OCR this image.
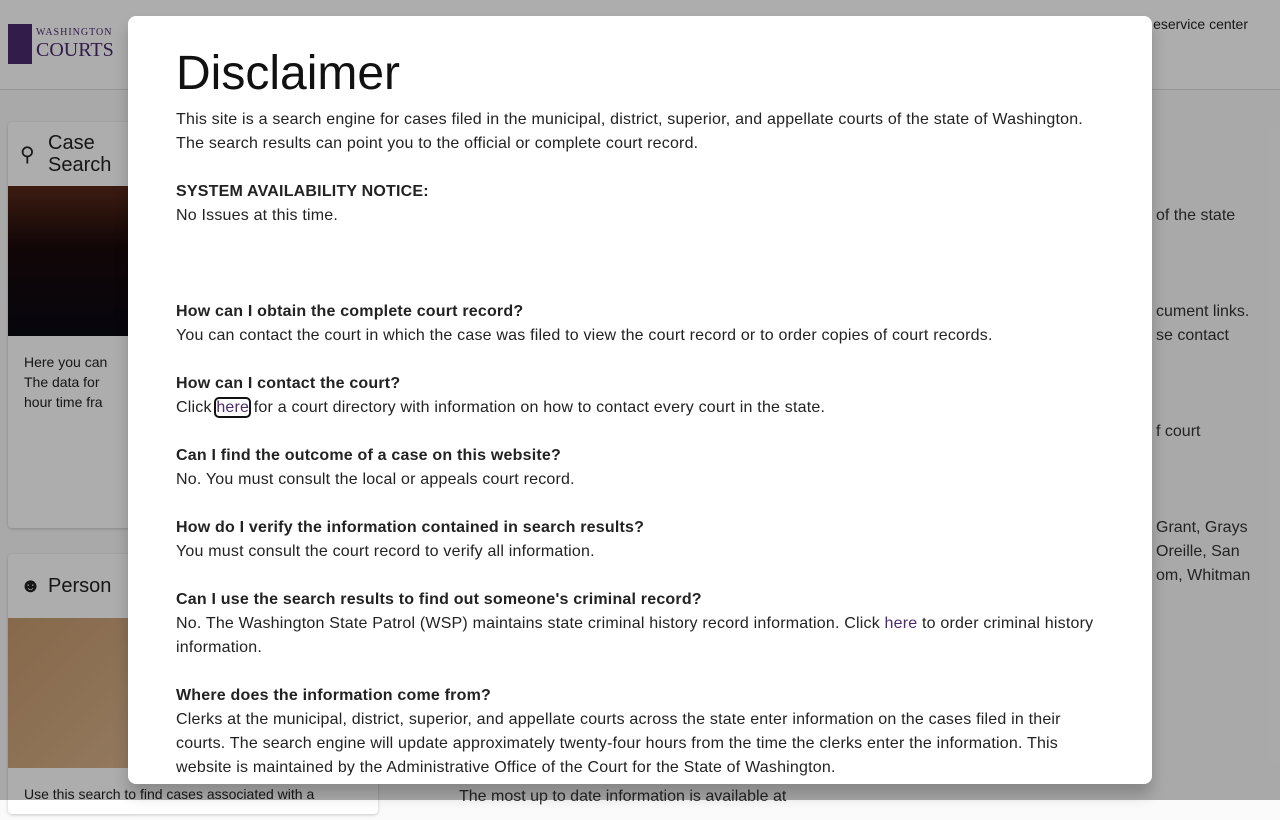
WASHINGTON
COURTS
eservice center
⚲
Case Search
Here you can
The data for
hour time fra
☻ Person
Use this search to find cases associated with a
of the state
cument links.
se contact
f court
Grant, Grays
Oreille, San
om, Whitman
The most up to date information is available at
Disclaimer

This site is a search engine for cases filed in the municipal, district, superior, and appellate courts of the state of Washington. The search results can point you to the official or complete court record.

SYSTEM AVAILABILITY NOTICE:

No Issues at this time.

How can I obtain the complete court record?

You can contact the court in which the case was filed to view the court record or to order copies of court records.

How can I contact the court?

Click here for a court directory with information on how to contact every court in the state.

Can I find the outcome of a case on this website?

No. You must consult the local or appeals court record.

How do I verify the information contained in search results?

You must consult the court record to verify all information.

Can I use the search results to find out someone's criminal record?

No. The Washington State Patrol (WSP) maintains state criminal history record information. Click here to order criminal history information.

Where does the information come from?

Clerks at the municipal, district, superior, and appellate courts across the state enter information on the cases filed in their courts. The search engine will update approximately twenty-four hours from the time the clerks enter the information. This website is maintained by the Administrative Office of the Court for the State of Washington.
